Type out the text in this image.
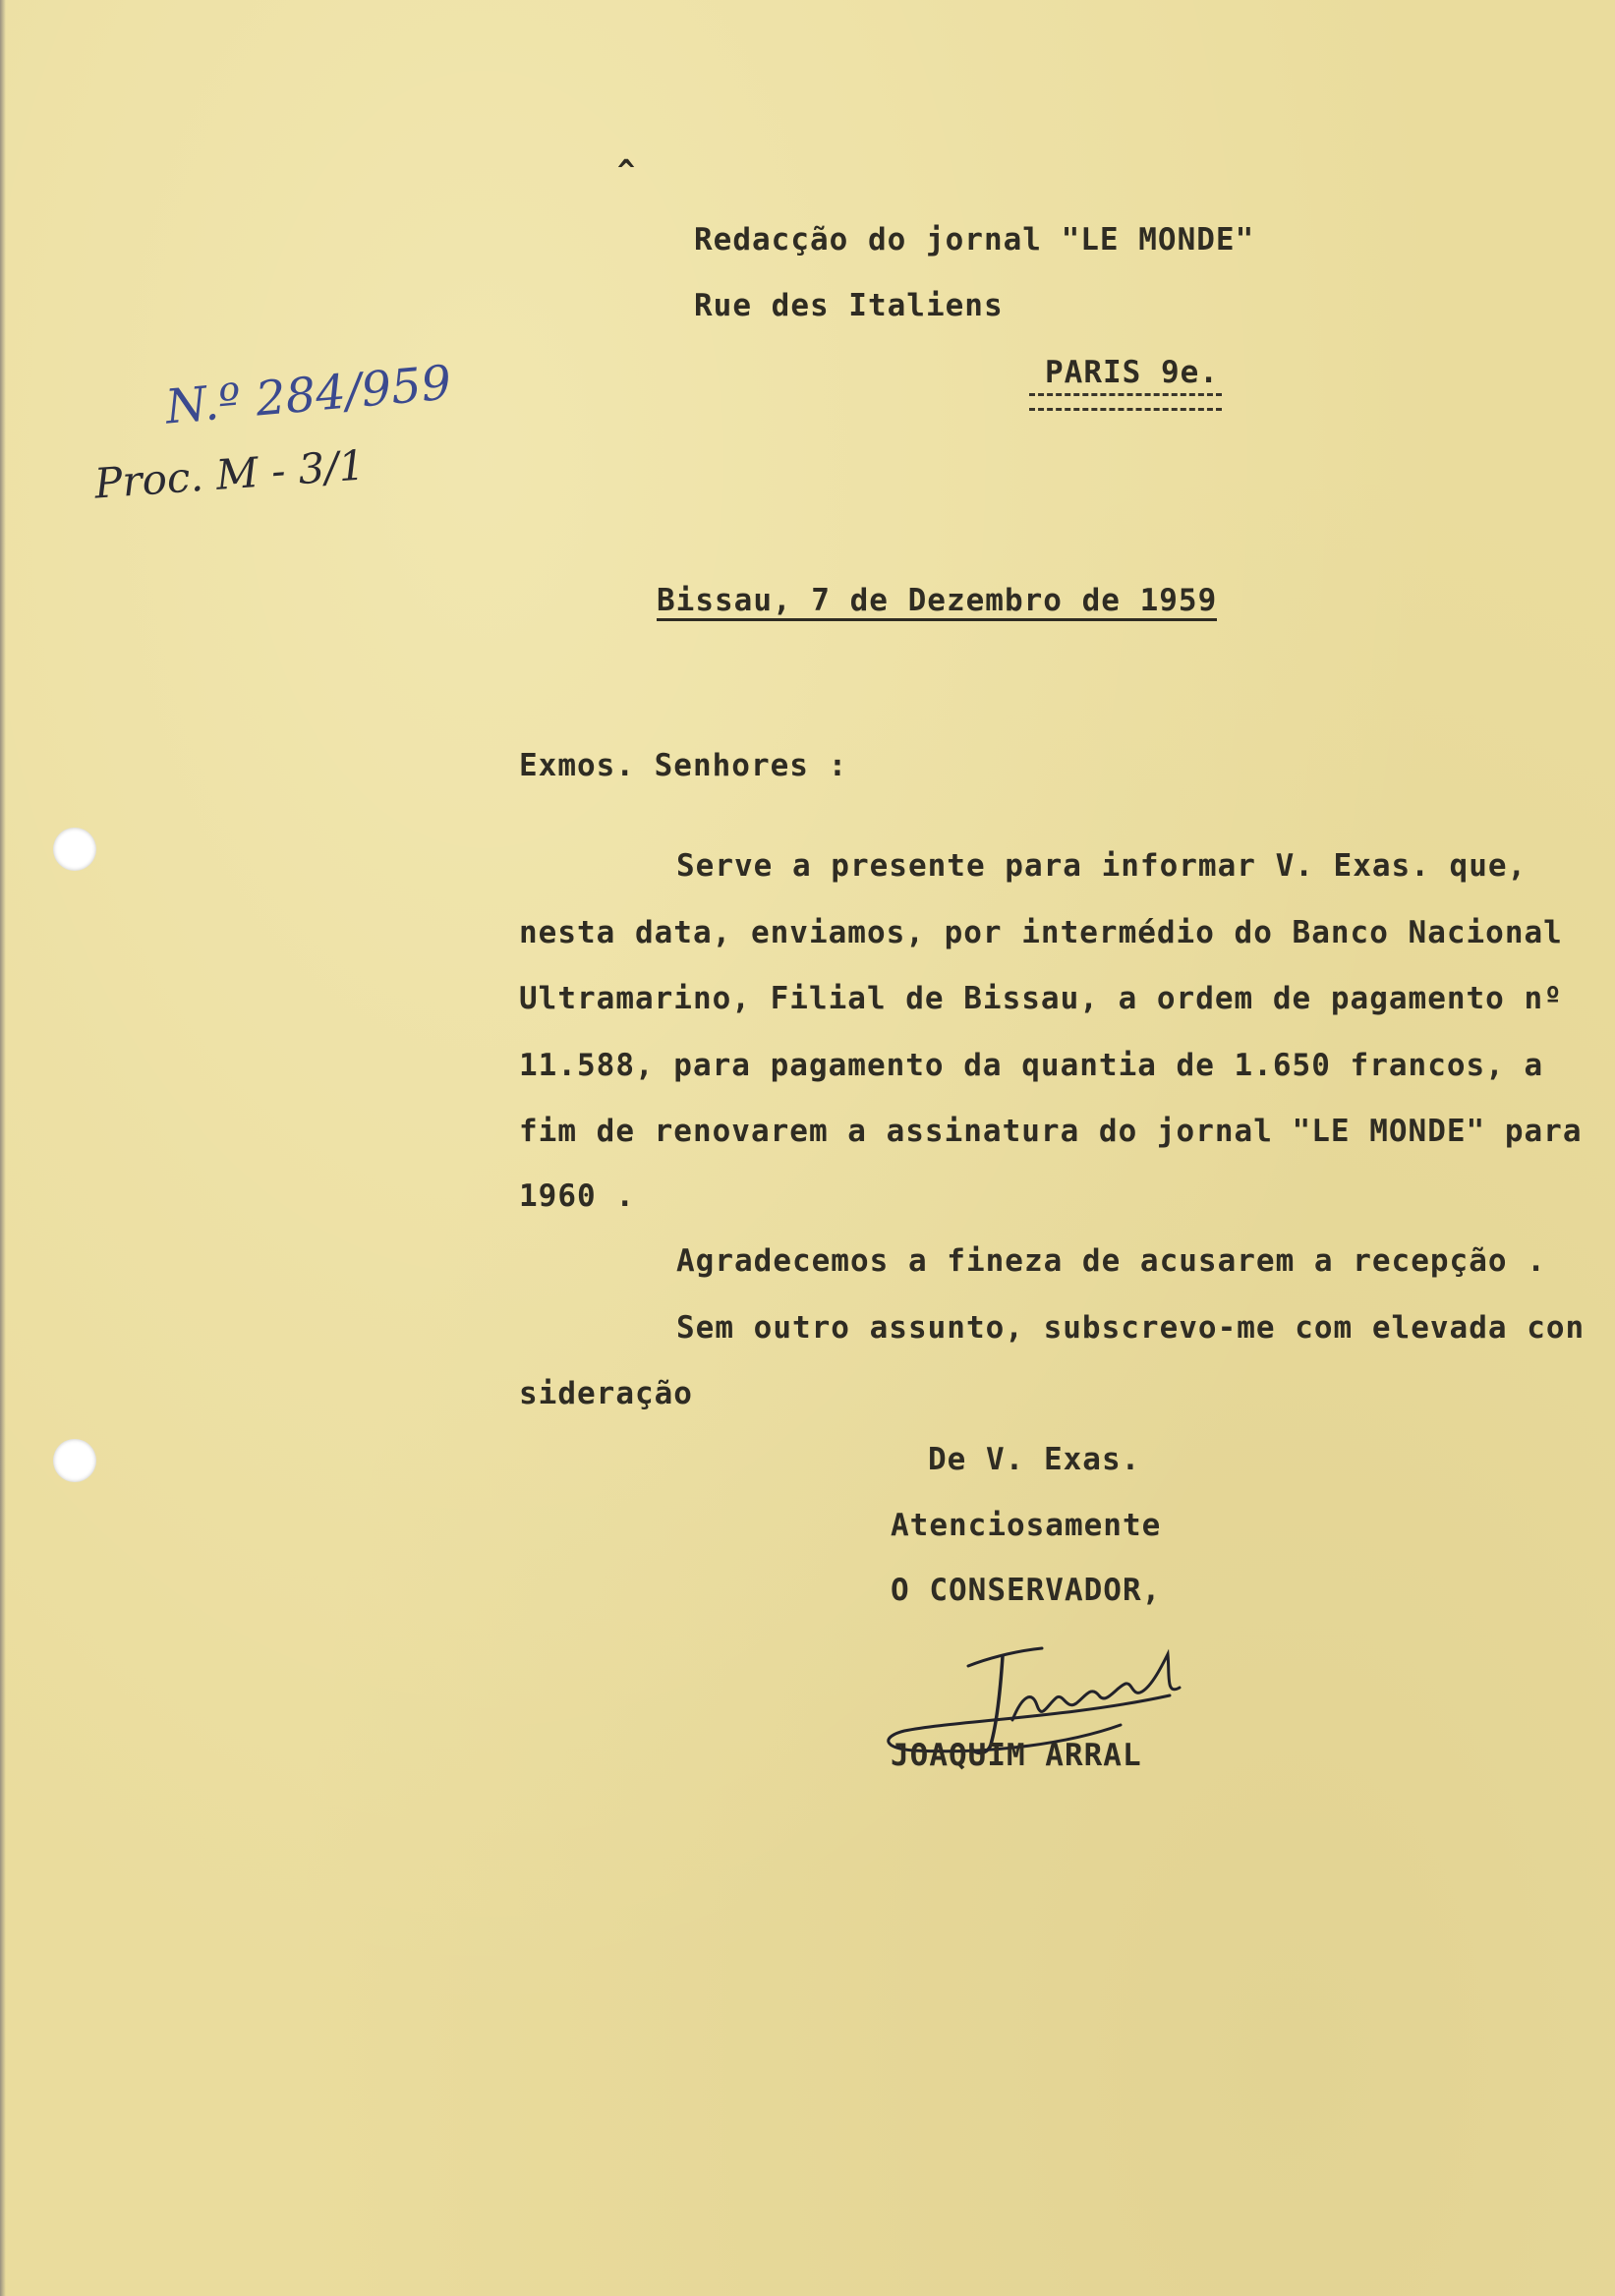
^
Redacção do jornal "LE MONDE"
Rue des Italiens
PARIS 9e.
N.º 284/959
Proc. M - 3/1
Bissau, 7 de Dezembro de 1959
Exmos. Senhores :
Serve a presente para informar V. Exas. que,
nesta data, enviamos, por intermédio do Banco Nacional
Ultramarino, Filial de Bissau, a ordem de pagamento nº
11.588, para pagamento da quantia de 1.650 francos, a
fim de renovarem a assinatura do jornal "LE MONDE" para
1960 .
Agradecemos a fineza de acusarem a recepção .
Sem outro assunto, subscrevo-me com elevada con
sideração
De V. Exas.
Atenciosamente
O CONSERVADOR,
JOAQUIM ARRAL
